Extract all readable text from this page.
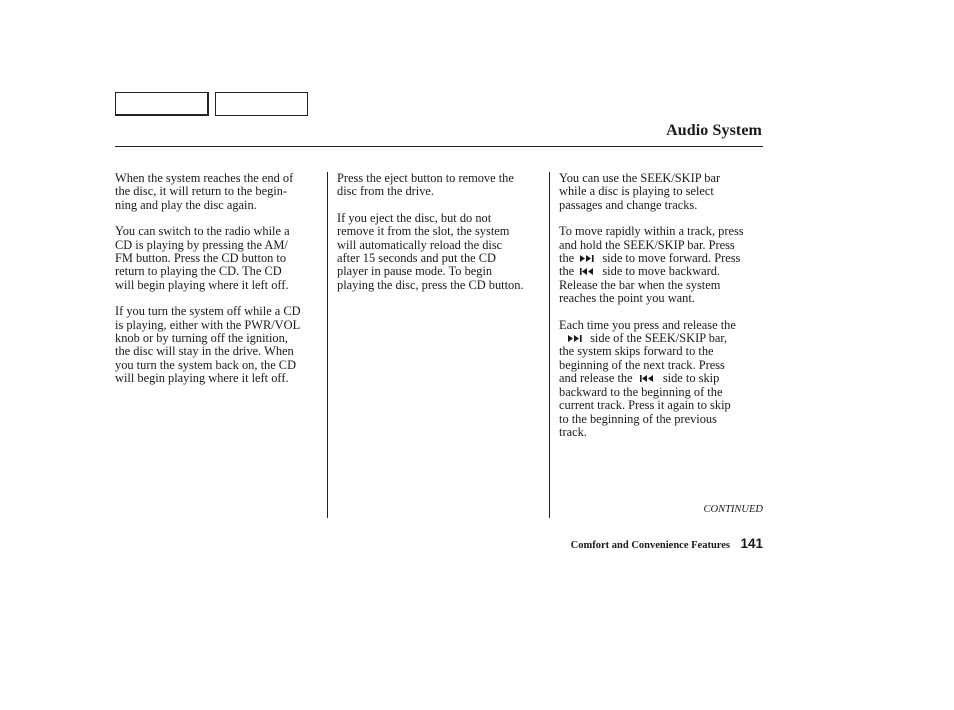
Audio System

When the system reaches the end of
the disc, it will return to the begin-
ning and play the disc again.

You can switch to the radio while a
CD is playing by pressing the AM/
FM button. Press the CD button to
return to playing the CD. The CD
will begin playing where it left off.

If you turn the system off while a CD
is playing, either with the PWR/VOL
knob or by turning off the ignition,
the disc will stay in the drive. When
you turn the system back on, the CD
will begin playing where it left off.

Press the eject button to remove the
disc from the drive.

If you eject the disc, but do not
remove it from the slot, the system
will automatically reload the disc
after 15 seconds and put the CD
player in pause mode. To begin
playing the disc, press the CD button.

You can use the SEEK/SKIP bar
while a disc is playing to select
passages and change tracks.

To move rapidly within a track, press
and hold the SEEK/SKIP bar. Press
the side to move forward. Press
the side to move backward.
Release the bar when the system
reaches the point you want.

Each time you press and release the
side of the SEEK/SKIP bar,
the system skips forward to the
beginning of the next track. Press
and release the side to skip
backward to the beginning of the
current track. Press it again to skip
to the beginning of the previous
track.

CONTINUED
Comfort and Convenience Features 141
